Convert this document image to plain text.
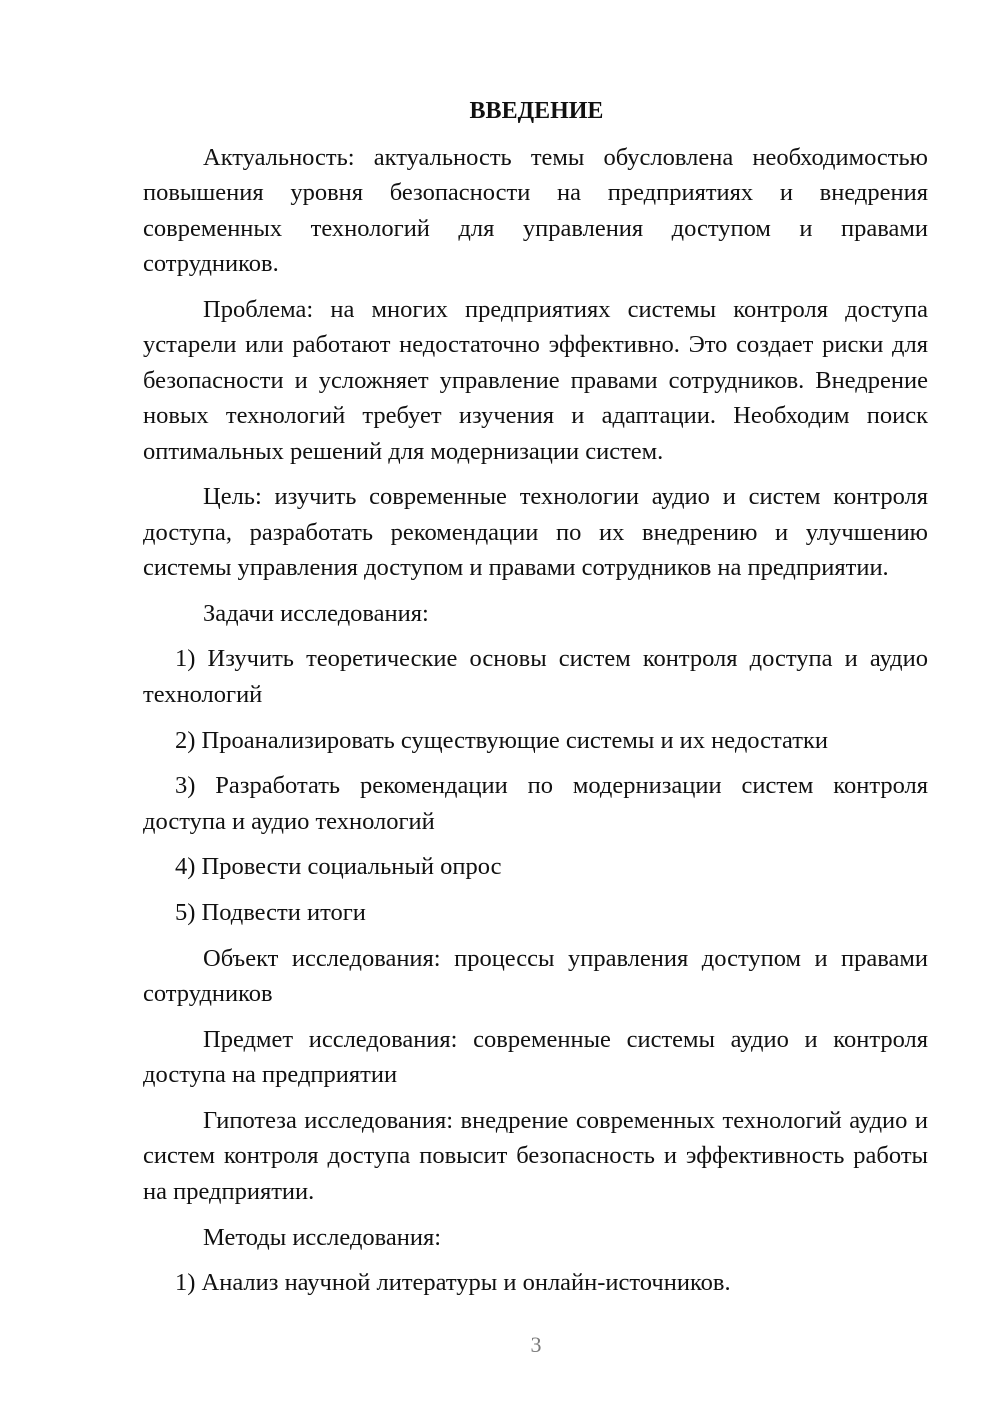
ВВЕДЕНИЕ

Актуальность: актуальность темы обусловлена необходимостью повышения уровня безопасности на предприятиях и внедрения современных технологий для управления доступом и правами сотрудников.

Проблема: на многих предприятиях системы контроля доступа устарели или работают недостаточно эффективно. Это создает риски для безопасности и усложняет управление правами сотрудников. Внедрение новых технологий требует изучения и адаптации. Необходим поиск оптимальных решений для модернизации систем.

Цель: изучить современные технологии аудио и систем контроля доступа, разработать рекомендации по их внедрению и улучшению системы управления доступом и правами сотрудников на предприятии.

Задачи исследования:

1) Изучить теоретические основы систем контроля доступа и аудио технологий

2) Проанализировать существующие системы и их недостатки

3) Разработать рекомендации по модернизации систем контроля доступа и аудио технологий

4) Провести социальный опрос

5) Подвести итоги

Объект исследования: процессы управления доступом и правами сотрудников

Предмет исследования: современные системы аудио и контроля доступа на предприятии

Гипотеза исследования: внедрение современных технологий аудио и систем контроля доступа повысит безопасность и эффективность работы на предприятии.

Методы исследования:

1) Анализ научной литературы и онлайн-источников.

3
